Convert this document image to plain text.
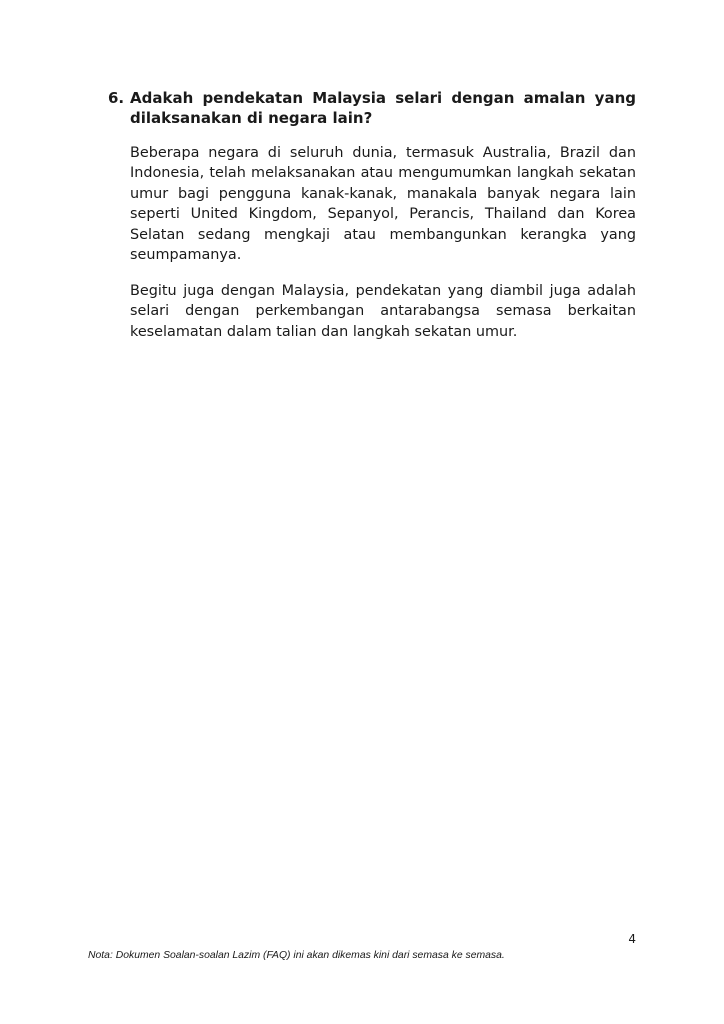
6. Adakah pendekatan Malaysia selari dengan amalan yang dilaksanakan di negara lain?

Beberapa negara di seluruh dunia, termasuk Australia, Brazil dan Indonesia, telah melaksanakan atau mengumumkan langkah sekatan umur bagi pengguna kanak-kanak, manakala banyak negara lain seperti United Kingdom, Sepanyol, Perancis, Thailand dan Korea Selatan sedang mengkaji atau membangunkan kerangka yang seumpamanya.

Begitu juga dengan Malaysia, pendekatan yang diambil juga adalah selari dengan perkembangan antarabangsa semasa berkaitan keselamatan dalam talian dan langkah sekatan umur.

4
Nota: Dokumen Soalan-soalan Lazim (FAQ) ini akan dikemas kini dari semasa ke semasa.
